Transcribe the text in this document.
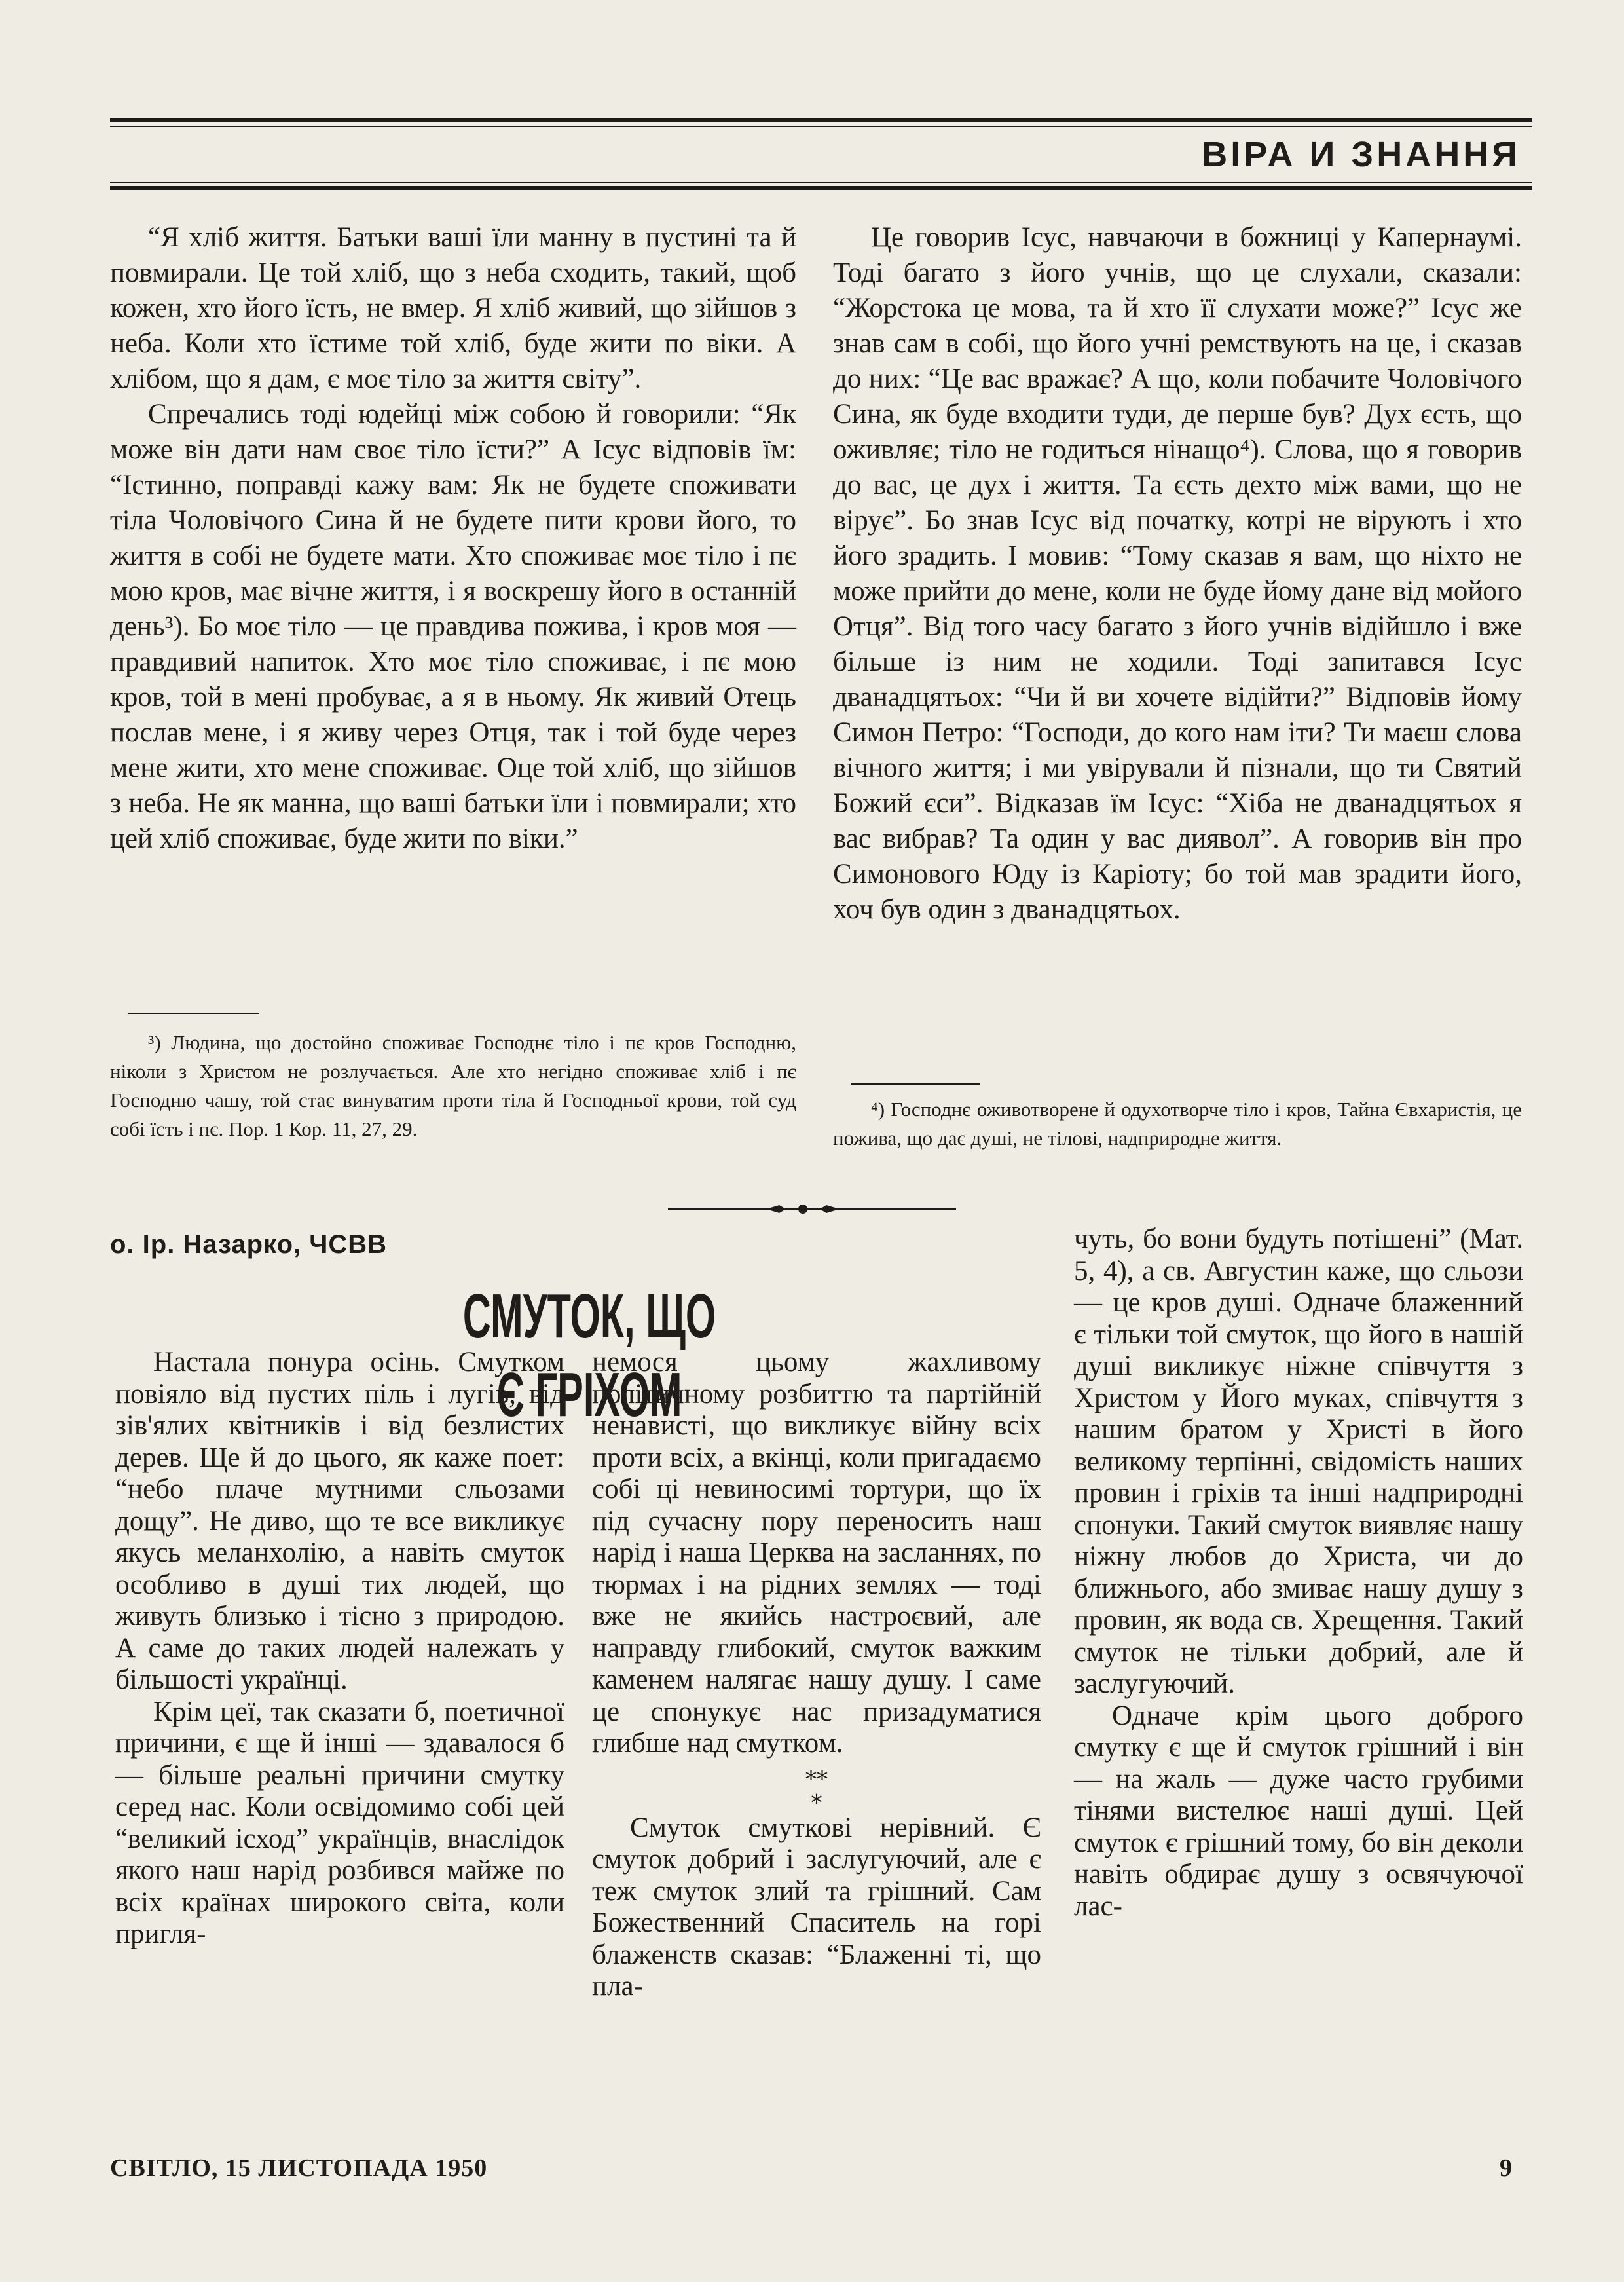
ВІРА И ЗНАННЯ

“Я хліб життя. Батьки ваші їли манну в пустині та й повмирали. Це той хліб, що з неба сходить, такий, щоб кожен, хто його їсть, не вмер. Я хліб живий, що зійшов з неба. Коли хто їстиме той хліб, буде жити по віки. А хлібом, що я дам, є моє тіло за життя світу”.

Спречались тоді юдейці між собою й говорили: “Як може він дати нам своє тіло їсти?” А Ісус відповів їм: “Істинно, поправді кажу вам: Як не будете споживати тіла Чоловічого Сина й не будете пити крови його, то життя в собі не будете мати. Хто споживає моє тіло і пє мою кров, має вічне життя, і я воскрешу його в останній день³). Бо моє тіло — це правдива пожива, і кров моя — правдивий напиток. Хто моє тіло споживає, і пє мою кров, той в мені пробуває, а я в ньому. Як живий Отець послав мене, і я живу через Отця, так і той буде через мене жити, хто мене споживає. Оце той хліб, що зійшов з неба. Не як манна, що ваші батьки їли і повмирали; хто цей хліб споживає, буде жити по віки.”

³) Людина, що достойно споживає Господнє тіло і пє кров Господню, ніколи з Христом не розлучається. Але хто негідно споживає хліб і пє Господню чашу, той стає винуватим проти тіла й Господньої крови, той суд собі їсть і пє. Пор. 1 Кор. 11, 27, 29.

Це говорив Ісус, навчаючи в божниці у Капернаумі. Тоді багато з його учнів, що це слухали, сказали: “Жорстока це мова, та й хто її слухати може?” Ісус же знав сам в собі, що його учні ремствують на це, і сказав до них: “Це вас вражає? А що, коли побачите Чоловічого Сина, як буде входити туди, де перше був? Дух єсть, що оживляє; тіло не годиться нінащо⁴). Слова, що я говорив до вас, це дух і життя. Та єсть дехто між вами, що не вірує”. Бо знав Ісус від початку, котрі не вірують і хто його зрадить. І мовив: “Тому сказав я вам, що ніхто не може прийти до мене, коли не буде йому дане від мойого Отця”. Від того часу багато з його учнів відійшло і вже більше із ним не ходили. Тоді запитався Ісус дванадцятьох: “Чи й ви хочете відійти?” Відповів йому Симон Петро: “Господи, до кого нам іти? Ти маєш слова вічного життя; і ми увірували й пізнали, що ти Святий Божий єси”. Відказав їм Ісус: “Хіба не дванадцятьох я вас вибрав? Та один у вас диявол”. А говорив він про Симонового Юду із Каріоту; бо той мав зрадити його, хоч був один з дванадцятьох.

⁴) Господнє оживотворене й одухотворче тіло і кров, Тайна Євхаристія, це пожива, що дає душі, не тілові, надприродне життя.
о. Ір. Назарко, ЧСВВ
СМУТОК, ЩО Є ГРІХОМ

Настала понура осінь. Смутком повіяло від пустих піль і лугів, від зів'ялих квітників і від безлистих дерев. Ще й до цього, як каже поет: “небо плаче мутними сльозами дощу”. Не диво, що те все викликує якусь меланхолію, а навіть смуток особливо в душі тих людей, що живуть близько і тісно з природою. А саме до таких людей належать у більшості українці.

Крім цеї, так сказати б, поетичної причини, є ще й інші — здавалося б — більше реальні причини смутку серед нас. Коли освідомимо собі цей “великий ісход” українців, внаслідок якого наш нарід розбився майже по всіх країнах широкого світа, коли пригля-

немося цьому жахливому політичному розбиттю та партійній ненависті, що викликує війну всіх проти всіх, а вкінці, коли пригадаємо собі ці невиносимі тортури, що їх під сучасну пору переносить наш нарід і наша Церква на засланнях, по тюрмах і на рідних землях — тоді вже не якийсь настроєвий, але направду глибокий, смуток важким каменем налягає нашу душу. І саме це спонукує нас призадуматися глибше над смутком.

⁎⁎
⁎

Смуток смуткові нерівний. Є смуток добрий і заслугуючий, але є теж смуток злий та грішний. Сам Божественний Спаситель на горі блаженств сказав: “Блаженні ті, що пла-

чуть, бо вони будуть потішені” (Мат. 5, 4), а св. Августин каже, що сльози — це кров душі. Одначе блаженний є тільки той смуток, що його в нашій душі викликує ніжне співчуття з Христом у Його муках, співчуття з нашим братом у Христі в його великому терпінні, свідомість наших провин і гріхів та інші надприродні спонуки. Такий смуток виявляє нашу ніжну любов до Христа, чи до ближнього, або змиває нашу душу з провин, як вода св. Хрещення. Такий смуток не тільки добрий, але й заслугуючий.

Одначе крім цього доброго смутку є ще й смуток грішний і він — на жаль — дуже часто грубими тінями вистелює наші душі. Цей смуток є грішний тому, бо він деколи навіть обдирає душу з освячуючої лас-

СВІТЛО, 15 ЛИСТОПАДА 1950	9
